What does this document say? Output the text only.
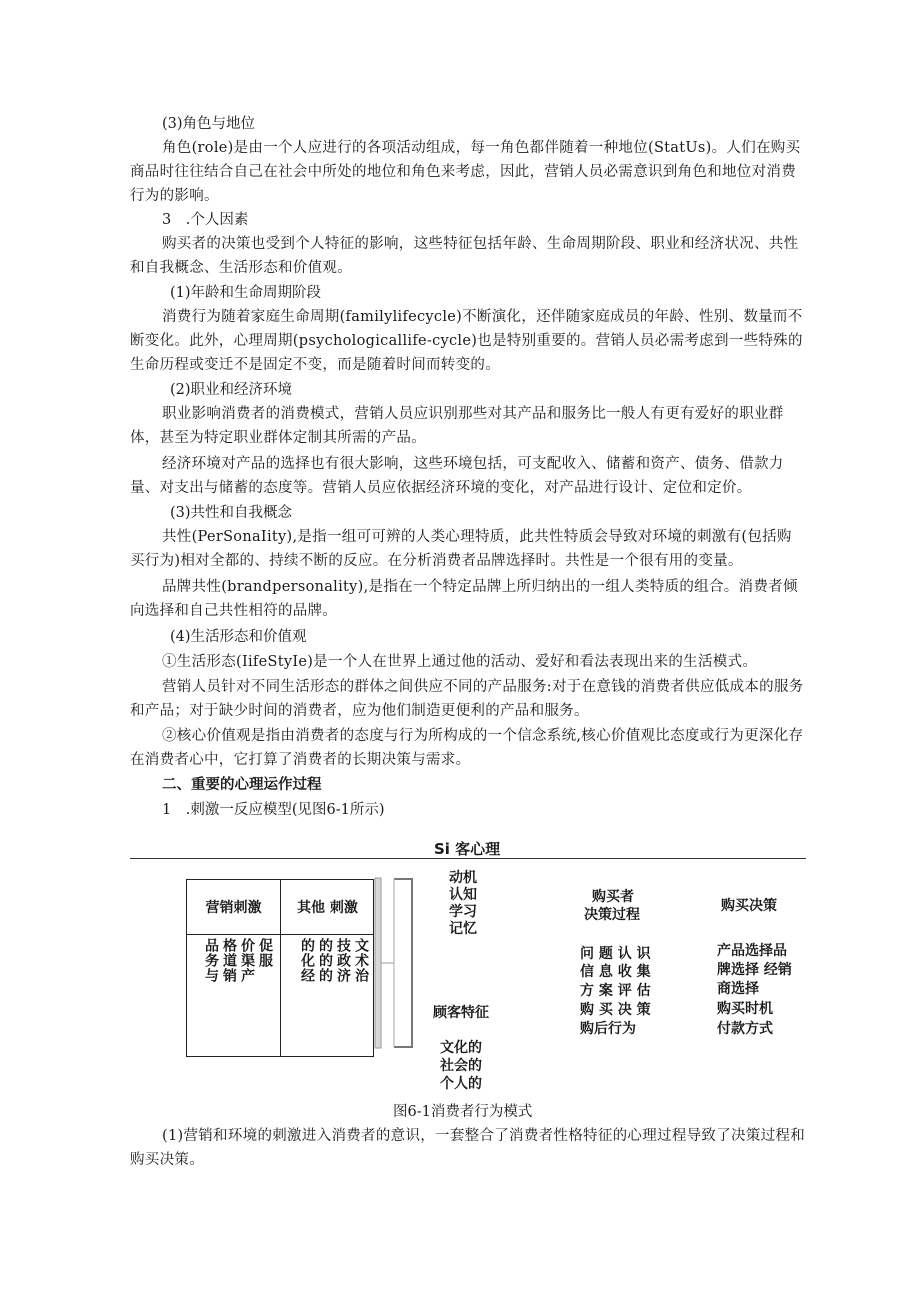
(3)角色与地位

角色(role)是由一个人应进行的各项活动组成，每一角色都伴随着一种地位(StatUs)。人们在购买商品时往往结合自己在社会中所处的地位和角色来考虑，因此，营销人员必需意识到角色和地位对消费行为的影响。

3　.个人因素

购买者的决策也受到个人特征的影响，这些特征包括年龄、生命周期阶段、职业和经济状况、共性和自我概念、生活形态和价值观。

(1)年龄和生命周期阶段

消费行为随着家庭生命周期(familylifecycle)不断演化，还伴随家庭成员的年龄、性别、数量而不断变化。此外，心理周期(psychologicallife-cycle)也是特别重要的。营销人员必需考虑到一些特殊的生命历程或变迁不是固定不变，而是随着时间而转变的。

(2)职业和经济环境

职业影响消费者的消费模式，营销人员应识别那些对其产品和服务比一般人有更有爱好的职业群体，甚至为特定职业群体定制其所需的产品。

经济环境对产品的选择也有很大影响，这些环境包括，可支配收入、储蓄和资产、债务、借款力量、对支出与储蓄的态度等。营销人员应依据经济环境的变化，对产品进行设计、定位和定价。

(3)共性和自我概念

共性(PerSonaIity),是指一组可可辨的人类心理特质，此共性特质会导致对环境的刺激有(包括购买行为)相对全都的、持续不断的反应。在分析消费者品牌选择时。共性是一个很有用的变量。

品牌共性(brandpersonality),是指在一个特定品牌上所归纳出的一组人类特质的组合。消费者倾向选择和自己共性相符的品牌。

(4)生活形态和价值观

①生活形态(IifeStyIe)是一个人在世界上通过他的活动、爱好和看法表现出来的生活模式。

营销人员针对不同生活形态的群体之间供应不同的产品服务:对于在意钱的消费者供应低成本的服务和产品；对于缺少时间的消费者，应为他们制造更便利的产品和服务。

②核心价值观是指由消费者的态度与行为所构成的一个信念系统,核心价值观比态度或行为更深化存在消费者心中，它打算了消费者的长期决策与需求。

二、重要的心理运作过程

1　.刺激一反应模型(见图6-1所示)

Si 客心理
营销刺激	其他 刺激
品务与 格道销 价渠产 促服 的化经 的的的 技政济 文术治
动机
认知
学习
记忆
顾客特征
文化的
社会的
个人的
购买者
决策过程
问 题 认 识
信 息 收 集
方 案 评 估
购 买 决 策
购后行为
购买决策
产品选择品
牌选择 经销
商选择
购买时机
付款方式
图6-1消费者行为模式

(1)营销和环境的刺激进入消费者的意识，一套整合了消费者性格特征的心理过程导致了决策过程和购买决策。
